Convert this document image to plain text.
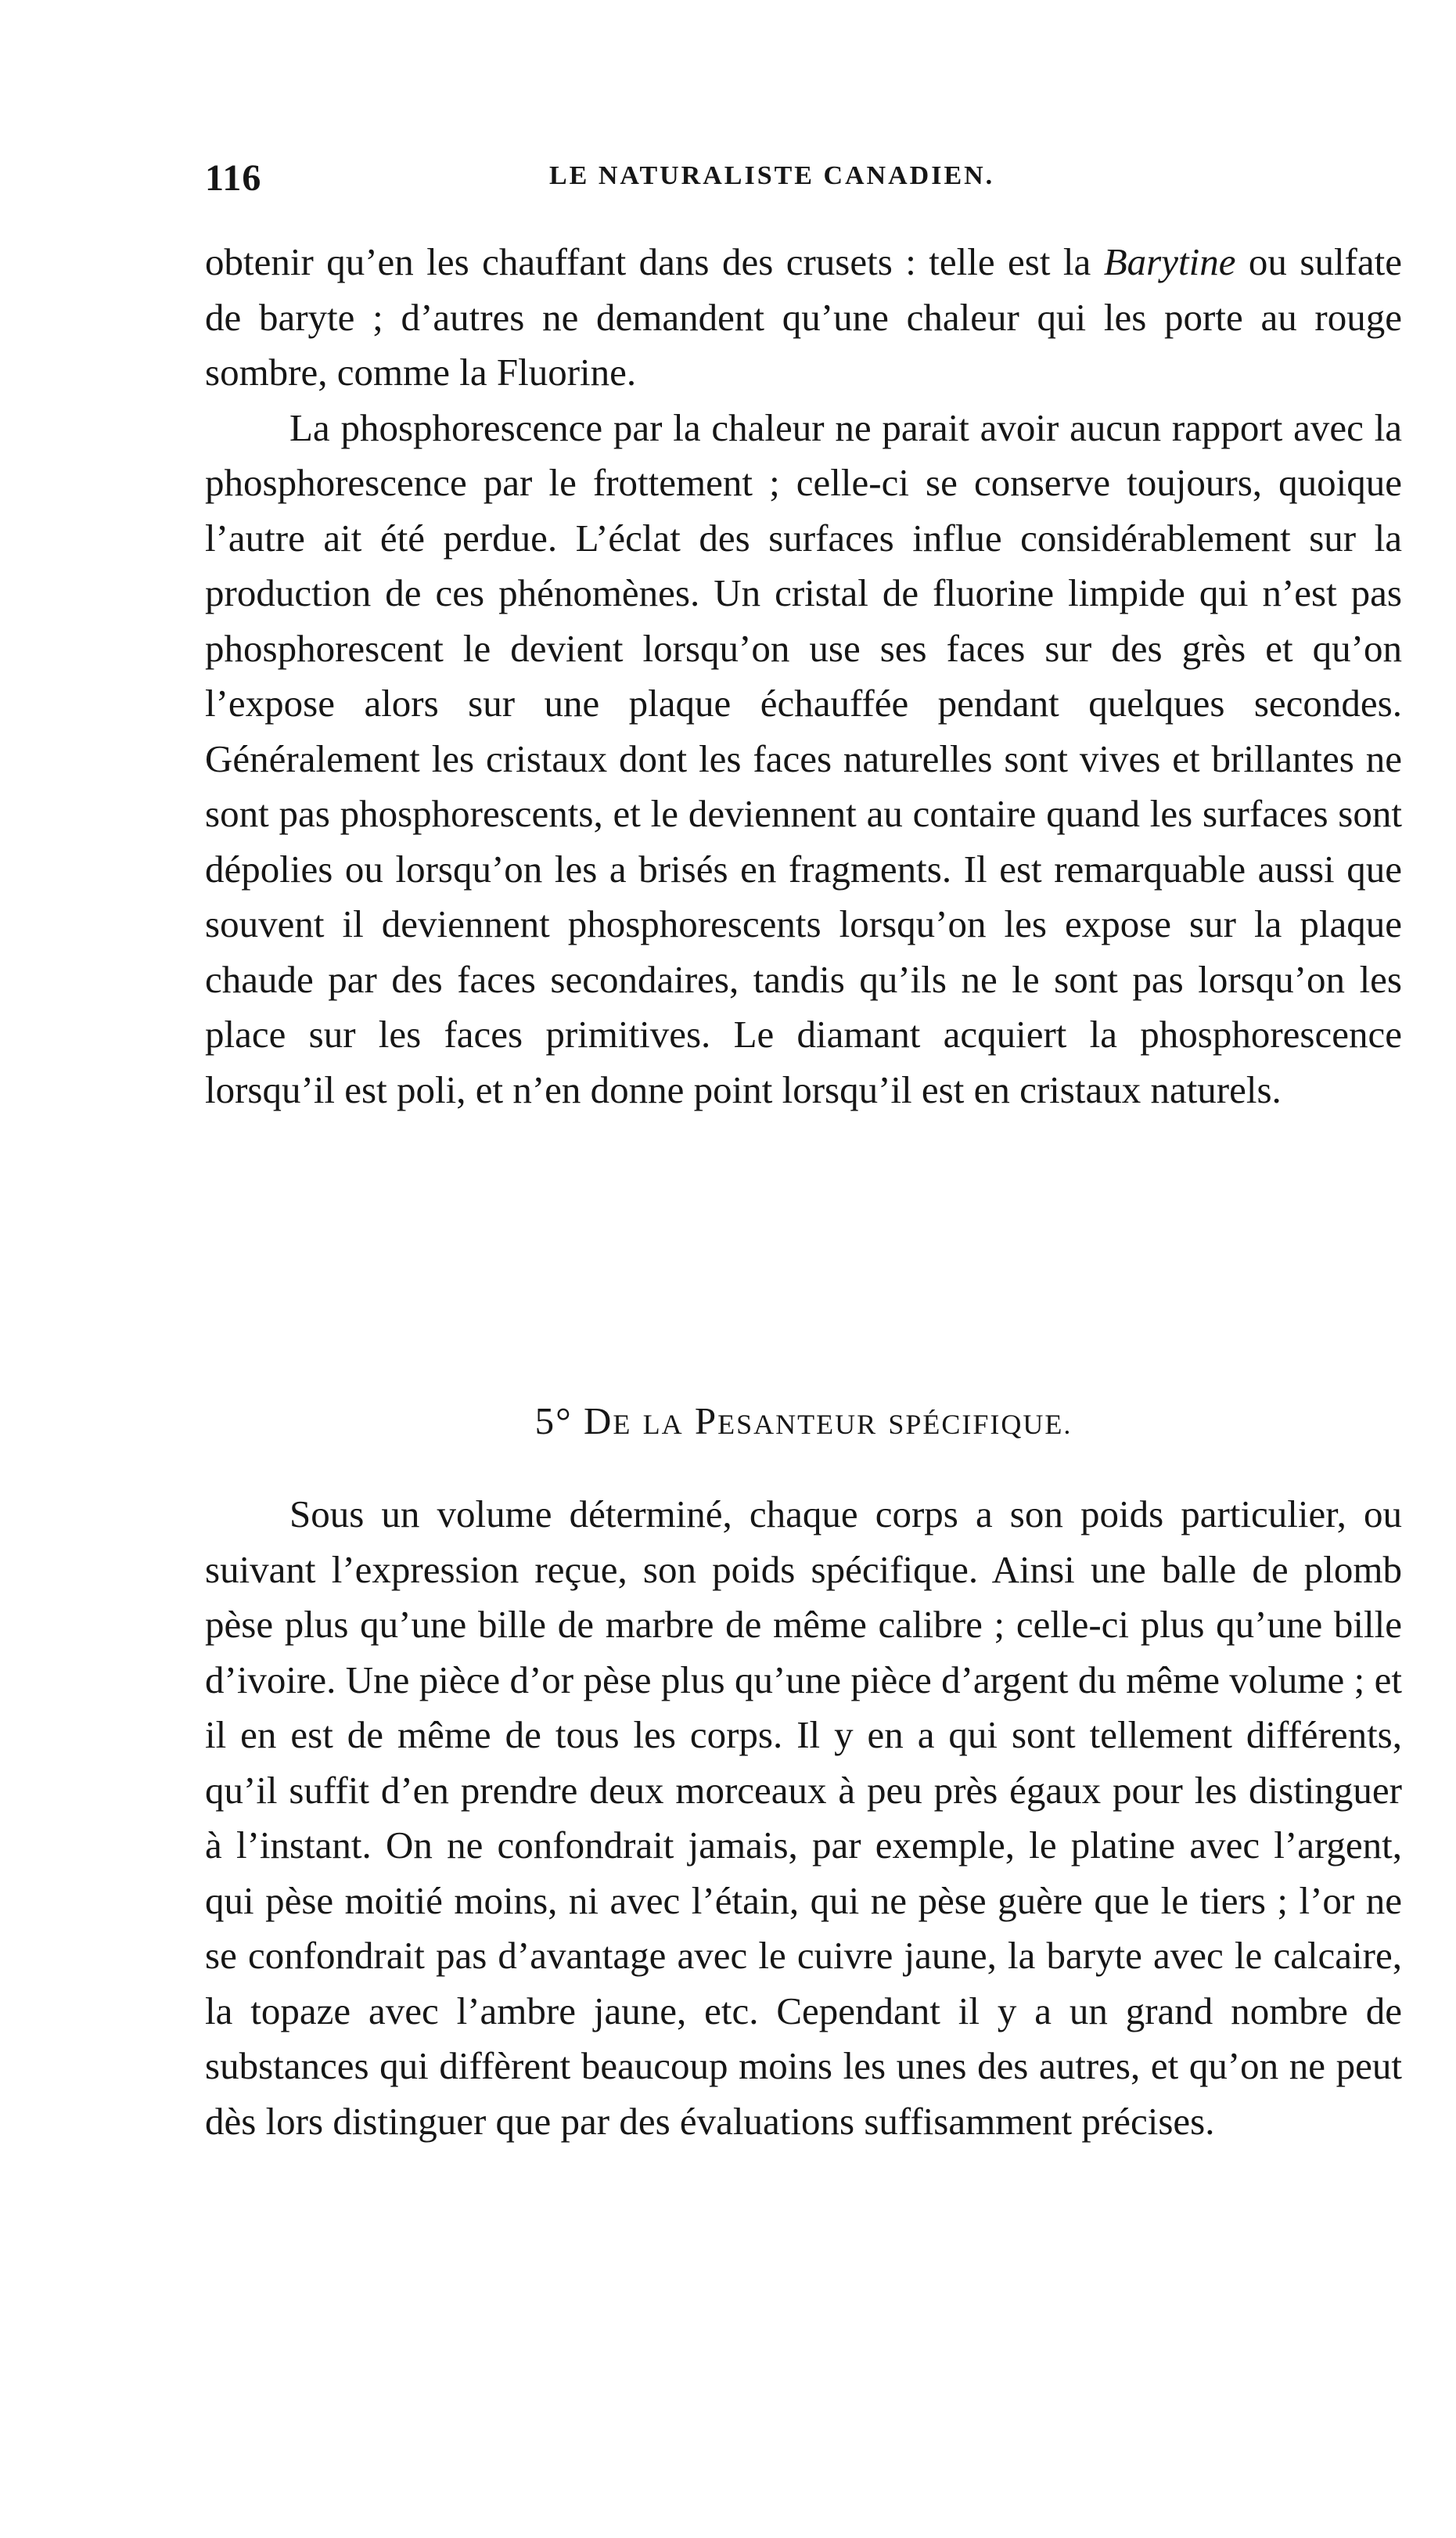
116	LE NATURALISTE CANADIEN.

obtenir qu’en les chauffant dans des crusets : telle est la Barytine ou sulfate de baryte ; d’autres ne demandent qu’une chaleur qui les porte au rouge sombre, comme la Fluorine.

La phosphorescence par la chaleur ne parait avoir aucun rapport avec la phosphorescence par le frottement ; celle-ci se conserve toujours, quoique l’autre ait été perdue. L’éclat des surfaces influe considérablement sur la production de ces phénomènes. Un cristal de fluorine limpide qui n’est pas phosphorescent le devient lorsqu’on use ses faces sur des grès et qu’on l’expose alors sur une plaque échauffée pendant quelques secondes. Généralement les cristaux dont les faces naturelles sont vives et brillantes ne sont pas phosphorescents, et le deviennent au contaire quand les surfaces sont dépolies ou lorsqu’on les a brisés en fragments. Il est remarquable aussi que souvent il deviennent phosphorescents lorsqu’on les expose sur la plaque chaude par des faces secondaires, tandis qu’ils ne le sont pas lorsqu’on les place sur les faces primitives. Le diamant acquiert la phosphorescence lorsqu’il est poli, et n’en donne point lorsqu’il est en cristaux naturels.

5° DE LA PESANTEUR SPÉCIFIQUE.

Sous un volume déterminé, chaque corps a son poids particulier, ou suivant l’expression reçue, son poids spécifique. Ainsi une balle de plomb pèse plus qu’une bille de marbre de même calibre ; celle-ci plus qu’une bille d’ivoire. Une pièce d’or pèse plus qu’une pièce d’argent du même volume ; et il en est de même de tous les corps. Il y en a qui sont tellement différents, qu’il suffit d’en prendre deux morceaux à peu près égaux pour les distinguer à l’instant. On ne confondrait jamais, par exemple, le platine avec l’argent, qui pèse moitié moins, ni avec l’étain, qui ne pèse guère que le tiers ; l’or ne se confondrait pas d’avantage avec le cuivre jaune, la baryte avec le calcaire, la topaze avec l’ambre jaune, etc. Cependant il y a un grand nombre de substances qui diffèrent beaucoup moins les unes des autres, et qu’on ne peut dès lors distinguer que par des évaluations suffisamment précises.
